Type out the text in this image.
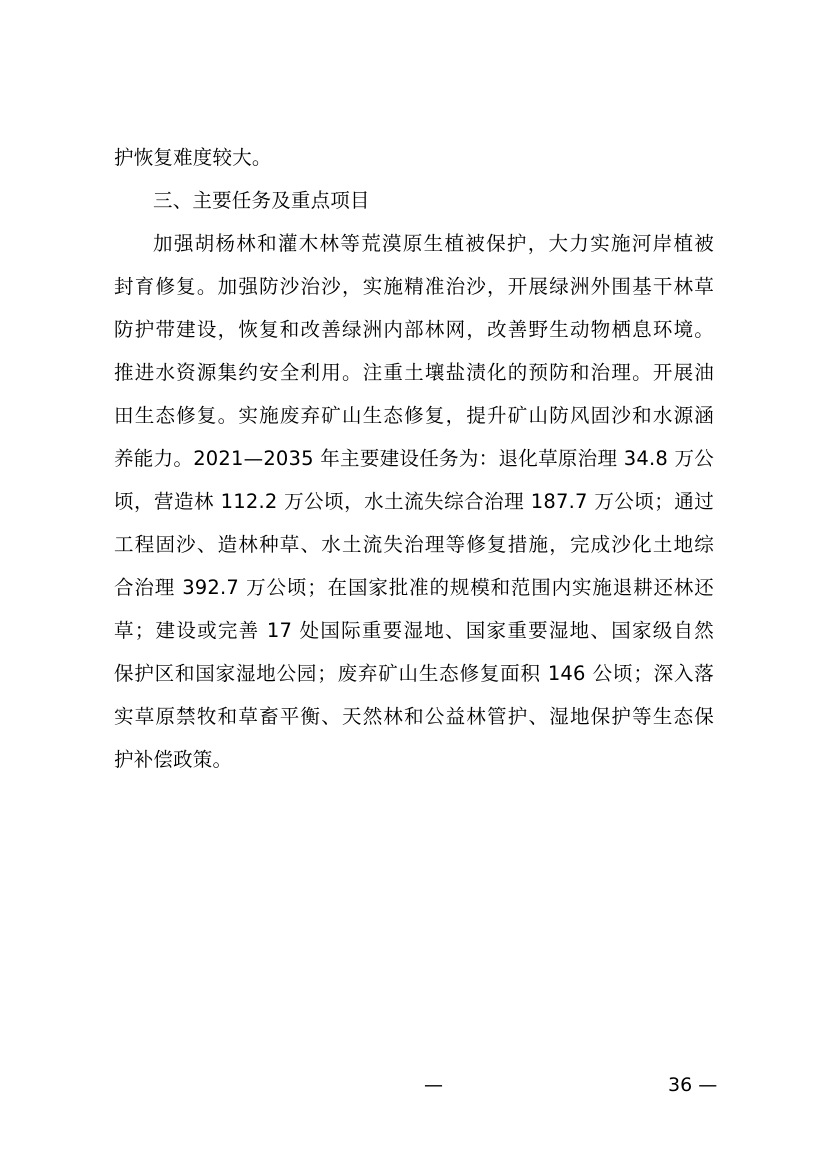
护恢复难度较大。
三、主要任务及重点项目
加强胡杨林和灌木林等荒漠原生植被保护，大力实施河岸植被
封育修复。加强防沙治沙，实施精准治沙，开展绿洲外围基干林草
防护带建设，恢复和改善绿洲内部林网，改善野生动物栖息环境。
推进水资源集约安全利用。注重土壤盐渍化的预防和治理。开展油
田生态修复。实施废弃矿山生态修复，提升矿山防风固沙和水源涵
养能力。2021—2035 年主要建设任务为：退化草原治理 34.8 万公
顷，营造林 112.2 万公顷，水土流失综合治理 187.7 万公顷；通过
工程固沙、造林种草、水土流失治理等修复措施，完成沙化土地综
合治理 392.7 万公顷；在国家批准的规模和范围内实施退耕还林还
草；建设或完善 17 处国际重要湿地、国家重要湿地、国家级自然
保护区和国家湿地公园；废弃矿山生态修复面积 146 公顷；深入落
实草原禁牧和草畜平衡、天然林和公益林管护、湿地保护等生态保
护补偿政策。
—	36 —
